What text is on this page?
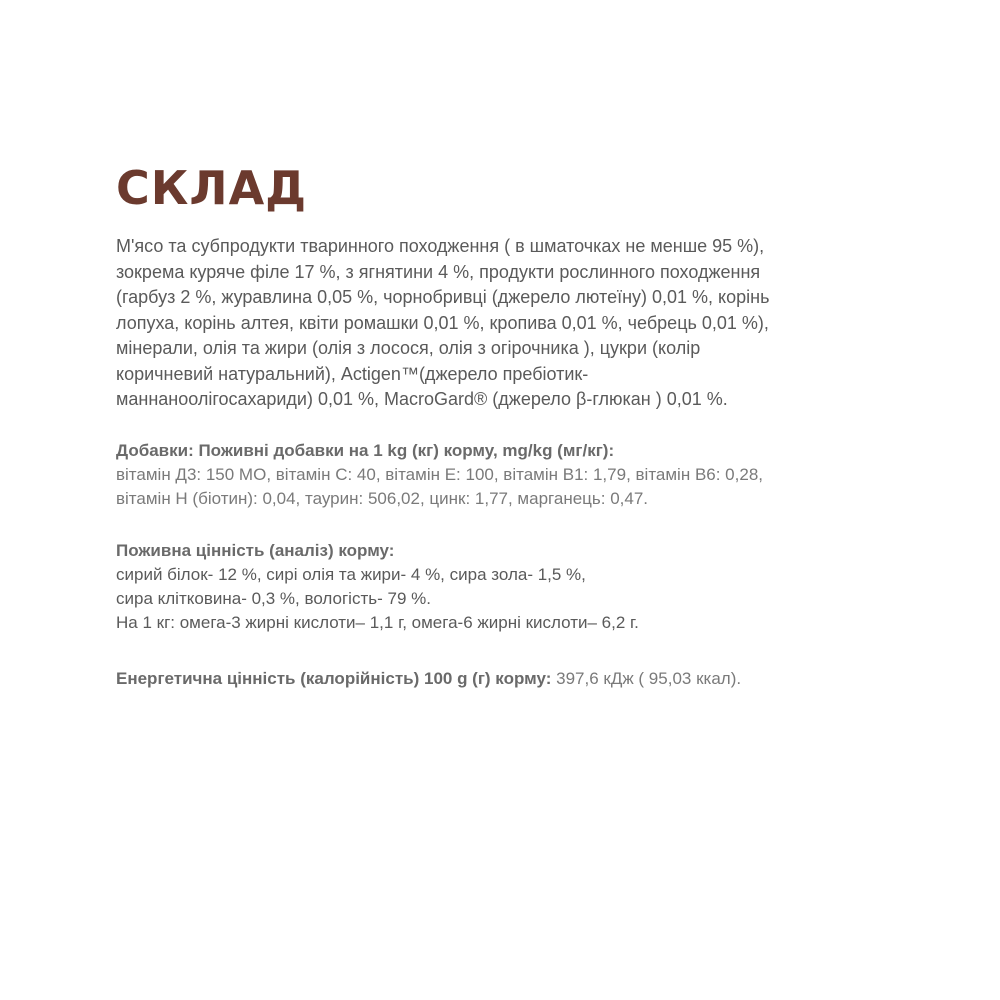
СКЛАД
М'ясо та субпродукти тваринного походження ( в шматочках не менше 95 %),
зокрема куряче філе 17 %, з ягнятини 4 %, продукти рослинного походження
(гарбуз 2 %, журавлина 0,05 %, чорнобривці (джерело лютеїну) 0,01 %, корінь
лопуха, корінь алтея, квіти ромашки 0,01 %, кропива 0,01 %, чебрець 0,01 %),
мінерали, олія та жири (олія з лосося, олія з огірочника ), цукри (колір
коричневий натуральний), Actigen™(джерело пребіотик-
маннаноолігосахариди) 0,01 %, MacroGard® (джерело β-глюкан ) 0,01 %.
Добавки: Поживні добавки на 1 kg (кг) корму, mg/kg (мг/кг):
вітамін Д3: 150 МО, вітамін С: 40, вітамін Е: 100, вітамін В1: 1,79, вітамін В6: 0,28,
вітамін Н (біотин): 0,04, таурин: 506,02, цинк: 1,77, марганець: 0,47.
Поживна цінність (аналіз) корму:
сирий білок- 12 %, сирі олія та жири- 4 %, сира зола- 1,5 %,
сира клітковина- 0,3 %, вологість- 79 %.
На 1 кг: омега-3 жирні кислоти– 1,1 г, омега-6 жирні кислоти– 6,2 г.
Енергетична цінність (калорійність) 100 g (г) корму: 397,6 кДж ( 95,03 ккал).
